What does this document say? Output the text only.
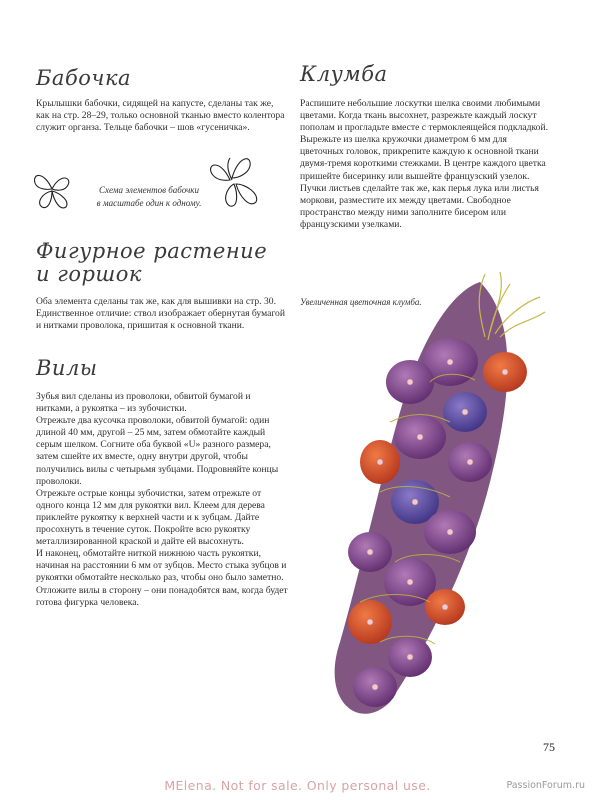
Бабочка

Крылышки бабочки, сидящей на капусте, сделаны так же, как на стр. 28–29, только основной тканью вместо колентора служит органза. Тельце бабочки – шов «гусеничка».

Схема элементов бабочки
в масштабе один к одному.

Фигурное растение
и горшок

Оба элемента сделаны так же, как для вышивки на стр. 30. Единственное отличие: ствол изображает обернутая бумагой и нитками проволока, пришитая к основной ткани.

Вилы

Зубья вил сделаны из проволоки, обвитой бумагой и нитками, а рукоятка – из зубочистки.
Отрежьте два кусочка проволоки, обвитой бумагой: один длиной 40 мм, другой – 25 мм, затем обмотайте каждый серым шелком. Согните оба буквой «U» разного размера, затем сшейте их вместе, одну внутри другой, чтобы получились вилы с четырьмя зубцами. Подровняйте концы проволоки.
Отрежьте острые концы зубочистки, затем отрежьте от одного конца 12 мм для рукоятки вил. Клеем для дерева приклейте рукоятку к верхней части и к зубцам. Дайте просохнуть в течение суток. Покройте всю рукоятку металлизированной краской и дайте ей высохнуть.
И наконец, обмотайте ниткой нижнюю часть рукоятки, начиная на расстоянии 6 мм от зубцов. Место стыка зубцов и рукоятки обмотайте несколько раз, чтобы оно было заметно. Отложите вилы в сторону – они понадобятся вам, когда будет готова фигурка человека.

Клумба

Распишите небольшие лоскутки шелка своими любимыми цветами. Когда ткань высохнет, разрежьте каждый лоскут пополам и прогладьте вместе с термоклеящейся подкладкой. Вырежьте из шелка кружочки диаметром 6 мм для цветочных головок, прикрепите каждую к основной ткани двумя-тремя короткими стежками. В центре каждого цветка пришейте бисеринку или вышейте французский узелок. Пучки листьев сделайте так же, как перья лука или листья моркови, разместите их между цветами. Свободное пространство между ними заполните бисером или французскими узелками.

Увеличенная цветочная клумба.

75
MElena. Not for sale. Only personal use.	PassionForum.ru
